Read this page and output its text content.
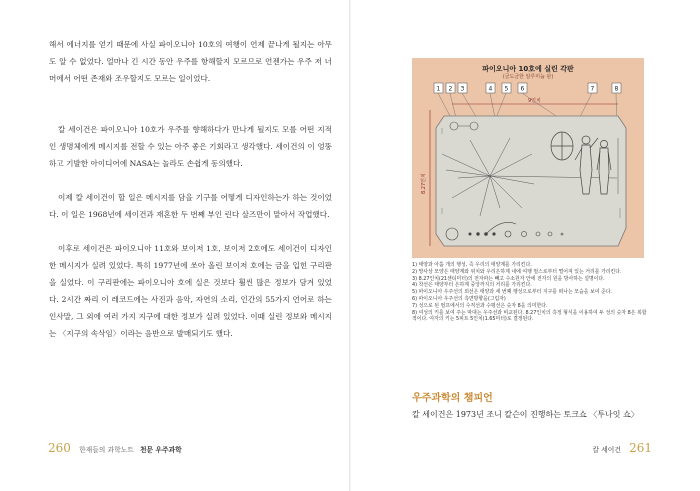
해서 에너지를 얻기 때문에 사실 파이오니아 10호의 여행이 언제 끝나게 될지는 아무도 알 수 없었다. 얼마나 긴 시간 동안 우주를 항해할지 모르므로 언젠가는 우주 저 너머에서 어떤 존재와 조우할지도 모르는 일이었다.

칼 세이건은 파이오니아 10호가 우주를 향해하다가 만나게 될지도 모를 어떤 지적인 생명체에게 메시지를 전할 수 있는 아주 좋은 기회라고 생각했다. 세이건의 이 엉뚱하고 기발한 아이디어에 NASA는 놀라도 손쉽게 동의했다.

이제 칼 세이건이 할 일은 메시지를 담을 기구를 어떻게 디자인하는가 하는 것이었다. 이 일은 1968년에 세이건과 재혼한 두 번째 부인 린다 살즈만이 맡아서 작업했다.

이후로 세이건은 파이오니아 11호와 보이저 1호, 보이저 2호에도 세이건이 디자인한 메시지가 실려 있었다. 특히 1977년에 쏘아 올린 보이저 호에는 금을 입힌 구리판을 실었다. 이 구리판에는 파이오니아 호에 실은 것보다 훨씬 많은 정보가 담겨 있었다. 2시간 짜리 이 레코드에는 사진과 음악, 자연의 소리, 인간의 55가지 언어로 하는 인사말, 그 외에 여러 가지 지구에 대한 정보가 실려 있었다. 이때 실린 정보와 메시지는 〈지구의 속삭임〉이라는 음반으로 발매되기도 했다.

260 한재들의 과학노트 천문 우주과학
1 2 3	4 5 6	7	8
9인치
8.27인치
파이오니아 10호에 실린 각판
(금도금한 알루미늄 판)
1) 태양과 아홉 개의 행성, 즉 우리의 태양계를 가리킨다.
2) 망사상 모양은 태양계와 위치와 우리은하계 내에 여행 펄스로부터 떨어져 있는 거리를 가리킨다.
3) 8.27인치(21센티미터)의 전자파는 빼고 수소원자 안에 전자의 원을 방사하는 설명이다.
4) 착선은 태양부터 은하계 중앙까지의 거리를 가리킨다.
5) 파이오니아 우주선의 외선은 태양과 세 번째 행성으로부터 지구를 떠나는 모습을 보여 준다.
6) 파이오니아 우주선의 측면방향을(그림자)
7) 성으로 된 펄프에서의 수직선과 수평선은 숫자 8을 의미한다.
8) 여성의 키를 보여 주는 막대는 우주선과 비교된다. 8.27인치의 측정 형식을 이용하여 두 성의 숫자 8은 복합적이다. 여자의 키는 5피트 5인치(1.65미터)로 결정된다.
우주과학의 챔피언

칼 세이건은 1973년 조니 칼슨이 진행하는 토크쇼 〈투나잇 쇼〉

칼 세이건 261
